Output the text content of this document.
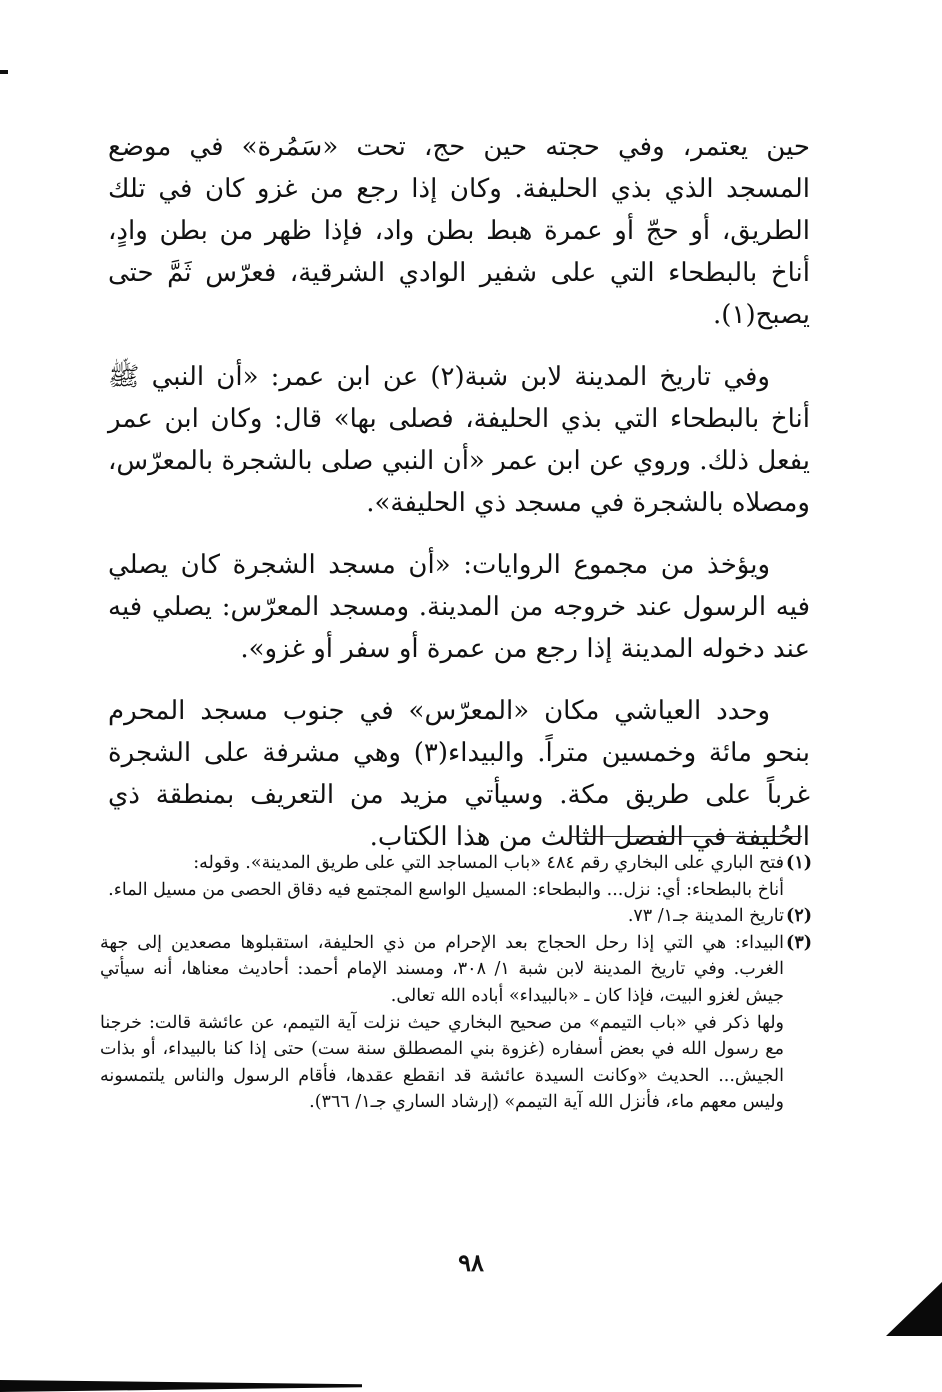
حين يعتمر، وفي حجته حين حج، تحت «سَمُرة» في موضع المسجد الذي بذي الحليفة. وكان إذا رجع من غزو كان في تلك الطريق، أو حجّ أو عمرة هبط بطن واد، فإذا ظهر من بطن وادٍ، أناخ بالبطحاء التي على شفير الوادي الشرقية، فعرّس ثَمَّ حتى يصبح(١).

وفي تاريخ المدينة لابن شبة(٢) عن ابن عمر: «أن النبي ﷺ أناخ بالبطحاء التي بذي الحليفة، فصلى بها» قال: وكان ابن عمر يفعل ذلك. وروي عن ابن عمر «أن النبي صلى بالشجرة بالمعرّس، ومصلاه بالشجرة في مسجد ذي الحليفة».

ويؤخذ من مجموع الروايات: «أن مسجد الشجرة كان يصلي فيه الرسول عند خروجه من المدينة. ومسجد المعرّس: يصلي فيه عند دخوله المدينة إذا رجع من عمرة أو سفر أو غزو».

وحدد العياشي مكان «المعرّس» في جنوب مسجد المحرم بنحو مائة وخمسين متراً. والبيداء(٣) وهي مشرفة على الشجرة غرباً على طريق مكة. وسيأتي مزيد من التعريف بمنطقة ذي الحُليفة في الفصل الثالث من هذا الكتاب.

(١)
فتح الباري على البخاري رقم ٤٨٤ «باب المساجد التي على طريق المدينة». وقوله:
أناخ بالبطحاء: أي: نزل... والبطحاء: المسيل الواسع المجتمع فيه دقاق الحصى من مسيل الماء.
(٢)
تاريخ المدينة جـ١/ ٧٣.
(٣)
البيداء: هي التي إذا رحل الحجاج بعد الإحرام من ذي الحليفة، استقبلوها مصعدين إلى جهة الغرب. وفي تاريخ المدينة لابن شبة ١/ ٣٠٨، ومسند الإمام أحمد: أحاديث معناها، أنه سيأتي جيش لغزو البيت، فإذا كان ـ «بالبيداء» أباده الله تعالى.
ولها ذكر في «باب التيمم» من صحيح البخاري حيث نزلت آية التيمم، عن عائشة قالت: خرجنا مع رسول الله في بعض أسفاره (غزوة بني المصطلق سنة ست) حتى إذا كنا بالبيداء، أو بذات الجيش... الحديث «وكانت السيدة عائشة قد انقطع عقدها، فأقام الرسول والناس يلتمسونه وليس معهم ماء، فأنزل الله آية التيمم» (إرشاد الساري جـ١/ ٣٦٦).
٩٨
